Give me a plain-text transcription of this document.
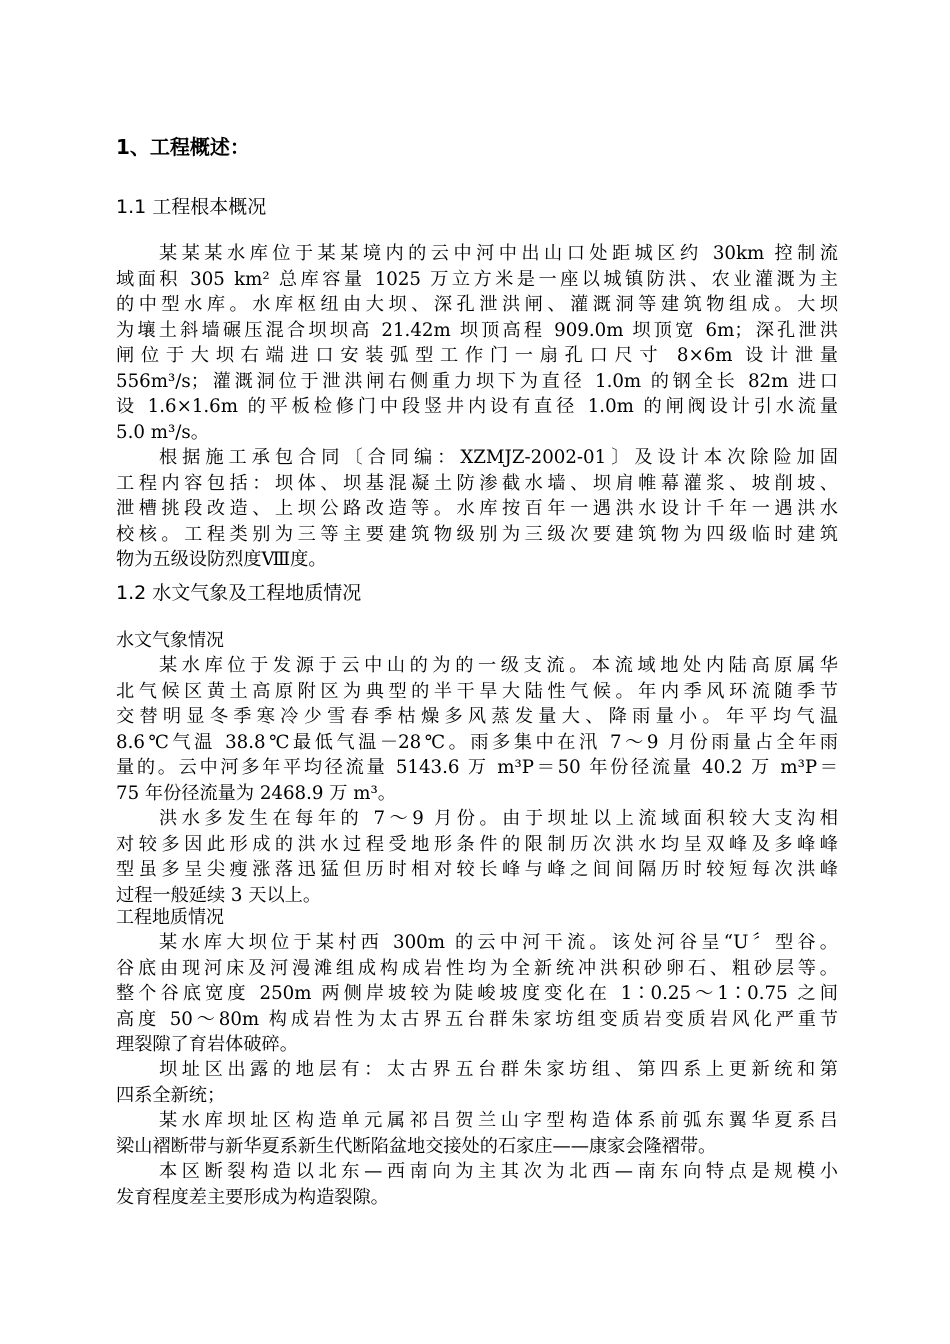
1、工程概述：
1.1 工程根本概况
某某某水库位于某某境内的云中河中出山口处距城区约 30km 控制流
域面积 305 km² 总库容量 1025 万立方米是一座以城镇防洪、农业灌溉为主
的中型水库。水库枢纽由大坝、深孔泄洪闸、灌溉洞等建筑物组成。大坝
为壤土斜墙碾压混合坝坝高 21.42m 坝顶高程 909.0m 坝顶宽 6m；深孔泄洪
闸位于大坝右端进口安装弧型工作门一扇孔口尺寸 8×6m 设计泄量
556m³/s；灌溉洞位于泄洪闸右侧重力坝下为直径 1.0m 的钢全长 82m 进口
设 1.6×1.6m 的平板检修门中段竖井内设有直径 1.0m 的闸阀设计引水流量
5.0 m³/s。
根据施工承包合同〔合同编：XZMJZ-2002-01〕及设计本次除险加固
工程内容包括：坝体、坝基混凝土防渗截水墙、坝肩帷幕灌浆、坡削坡、
泄槽挑段改造、上坝公路改造等。水库按百年一遇洪水设计千年一遇洪水
校核。工程类别为三等主要建筑物级别为三级次要建筑物为四级临时建筑
物为五级设防烈度Ⅷ度。
1.2 水文气象及工程地质情况
水文气象情况
某水库位于发源于云中山的为的一级支流。本流域地处内陆高原属华
北气候区黄土高原附区为典型的半干旱大陆性气候。年内季风环流随季节
交替明显冬季寒冷少雪春季枯燥多风蒸发量大、降雨量小。年平均气温
8.6℃气温 38.8℃最低气温－28℃。雨多集中在汛 7～9 月份雨量占全年雨
量的。云中河多年平均径流量 5143.6 万 m³P＝50 年份径流量 40.2 万 m³P＝
75 年份径流量为 2468.9 万 m³。
洪水多发生在每年的 7～9 月份。由于坝址以上流域面积较大支沟相
对较多因此形成的洪水过程受地形条件的限制历次洪水均呈双峰及多峰峰
型虽多呈尖瘦涨落迅猛但历时相对较长峰与峰之间间隔历时较短每次洪峰
过程一般延续 3 天以上。
工程地质情况
某水库大坝位于某村西 300m 的云中河干流。该处河谷呈“U〞型谷。
谷底由现河床及河漫滩组成构成岩性均为全新统冲洪积砂卵石、粗砂层等。
整个谷底宽度 250m 两侧岸坡较为陡峻坡度变化在 1∶0.25～1∶0.75 之间
高度 50～80m 构成岩性为太古界五台群朱家坊组变质岩变质岩风化严重节
理裂隙了育岩体破碎。
坝址区出露的地层有：太古界五台群朱家坊组、第四系上更新统和第
四系全新统；
某水库坝址区构造单元属祁吕贺兰山字型构造体系前弧东翼华夏系吕
梁山褶断带与新华夏系新生代断陷盆地交接处的石家庄——康家会隆褶带。
本区断裂构造以北东—西南向为主其次为北西—南东向特点是规模小
发育程度差主要形成为构造裂隙。
